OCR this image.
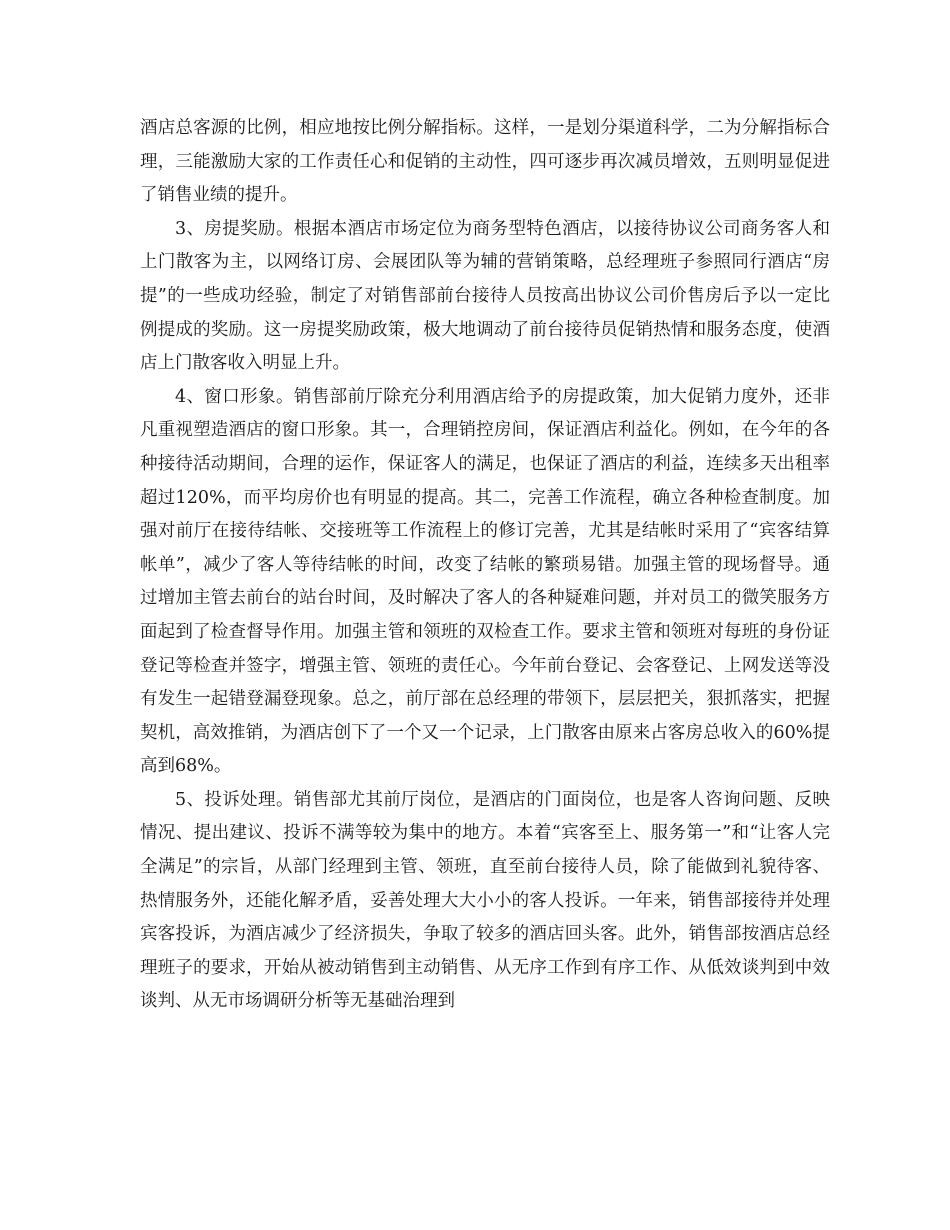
酒店总客源的比例，相应地按比例分解指标。这样，一是划分渠道科学，二为分解指标合理，三能激励大家的工作责任心和促销的主动性，四可逐步再次减员增效，五则明显促进了销售业绩的提升。

3、房提奖励。根据本酒店市场定位为商务型特色酒店，以接待协议公司商务客人和上门散客为主，以网络订房、会展团队等为辅的营销策略，总经理班子参照同行酒店“房提”的一些成功经验，制定了对销售部前台接待人员按高出协议公司价售房后予以一定比例提成的奖励。这一房提奖励政策，极大地调动了前台接待员促销热情和服务态度，使酒店上门散客收入明显上升。

4、窗口形象。销售部前厅除充分利用酒店给予的房提政策，加大促销力度外，还非凡重视塑造酒店的窗口形象。其一，合理销控房间，保证酒店利益化。例如，在今年的各种接待活动期间，合理的运作，保证客人的满足，也保证了酒店的利益，连续多天出租率超过120%，而平均房价也有明显的提高。其二，完善工作流程，确立各种检查制度。加强对前厅在接待结帐、交接班等工作流程上的修订完善，尤其是结帐时采用了“宾客结算帐单”，减少了客人等待结帐的时间，改变了结帐的繁琐易错。加强主管的现场督导。通过增加主管去前台的站台时间，及时解决了客人的各种疑难问题，并对员工的微笑服务方面起到了检查督导作用。加强主管和领班的双检查工作。要求主管和领班对每班的身份证登记等检查并签字，增强主管、领班的责任心。今年前台登记、会客登记、上网发送等没有发生一起错登漏登现象。总之，前厅部在总经理的带领下，层层把关，狠抓落实，把握契机，高效推销，为酒店创下了一个又一个记录，上门散客由原来占客房总收入的60%提高到68%。

5、投诉处理。销售部尤其前厅岗位，是酒店的门面岗位，也是客人咨询问题、反映情况、提出建议、投诉不满等较为集中的地方。本着“宾客至上、服务第一”和“让客人完全满足”的宗旨，从部门经理到主管、领班，直至前台接待人员，除了能做到礼貌待客、热情服务外，还能化解矛盾，妥善处理大大小小的客人投诉。一年来，销售部接待并处理宾客投诉，为酒店减少了经济损失，争取了较多的酒店回头客。此外，销售部按酒店总经理班子的要求，开始从被动销售到主动销售、从无序工作到有序工作、从低效谈判到中效谈判、从无市场调研分析等无基础治理到
